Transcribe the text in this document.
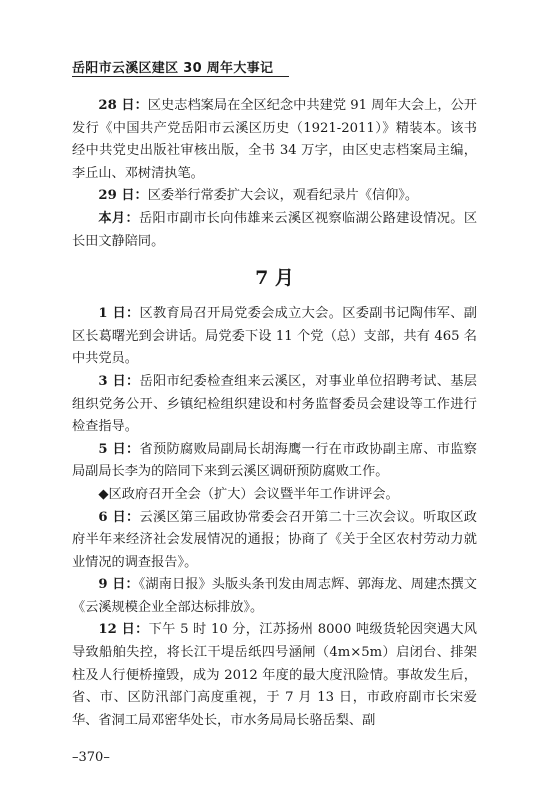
岳阳市云溪区建区 30 周年大事记

28 日：区史志档案局在全区纪念中共建党 91 周年大会上，公开发行《中国共产党岳阳市云溪区历史（1921-2011）》精装本。该书经中共党史出版社审核出版，全书 34 万字，由区史志档案局主编，李丘山、邓树清执笔。

29 日：区委举行常委扩大会议，观看纪录片《信仰》。

本月：岳阳市副市长向伟雄来云溪区视察临湖公路建设情况。区长田文静陪同。

7 月

1 日：区教育局召开局党委会成立大会。区委副书记陶伟军、副区长葛曙光到会讲话。局党委下设 11 个党（总）支部，共有 465 名中共党员。

3 日：岳阳市纪委检查组来云溪区，对事业单位招聘考试、基层组织党务公开、乡镇纪检组织建设和村务监督委员会建设等工作进行检查指导。

5 日：省预防腐败局副局长胡海鹰一行在市政协副主席、市监察局副局长李为的陪同下来到云溪区调研预防腐败工作。

◆区政府召开全会（扩大）会议暨半年工作讲评会。

6 日：云溪区第三届政协常委会召开第二十三次会议。听取区政府半年来经济社会发展情况的通报；协商了《关于全区农村劳动力就业情况的调查报告》。

9 日：《湖南日报》头版头条刊发由周志辉、郭海龙、周建杰撰文《云溪规模企业全部达标排放》。

12 日：下午 5 时 10 分，江苏扬州 8000 吨级货轮因突遇大风导致船舶失控，将长江干堤岳纸四号涵闸（4m×5m）启闭台、排架柱及人行便桥撞毁，成为 2012 年度的最大度汛险情。事故发生后，省、市、区防汛部门高度重视，于 7 月 13 日，市政府副市长宋爱华、省洞工局邓密华处长，市水务局局长骆岳梨、副

–370–
